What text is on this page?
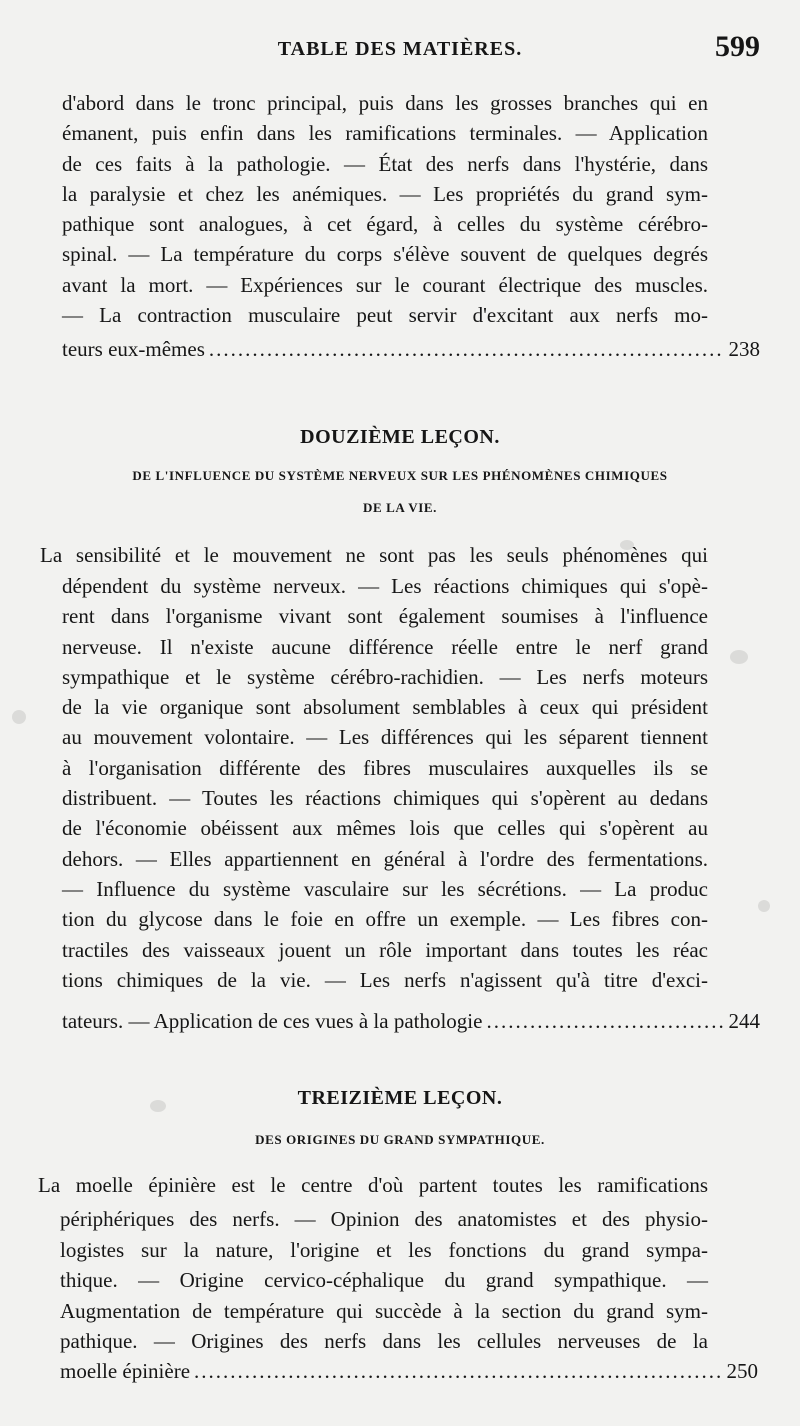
TABLE DES MATIÈRES.	599
d'abord dans le tronc principal, puis dans les grosses branches qui en
émanent, puis enfin dans les ramifications terminales. — Application
de ces faits à la pathologie. — État des nerfs dans l'hystérie, dans
la paralysie et chez les anémiques. — Les propriétés du grand sym-
pathique sont analogues, à cet égard, à celles du système cérébro-
spinal. — La température du corps s'élève souvent de quelques degrés
avant la mort. — Expériences sur le courant électrique des muscles.
— La contraction musculaire peut servir d'excitant aux nerfs mo-
teurs eux-mêmes .....	238
DOUZIÈME LEÇON.
DE L'INFLUENCE DU SYSTÈME NERVEUX SUR LES PHÉNOMÈNES CHIMIQUES
DE LA VIE.
La sensibilité et le mouvement ne sont pas les seuls phénomènes qui
dépendent du système nerveux. — Les réactions chimiques qui s'opè-
rent dans l'organisme vivant sont également soumises à l'influence
nerveuse. Il n'existe aucune différence réelle entre le nerf grand
sympathique et le système cérébro-rachidien. — Les nerfs moteurs
de la vie organique sont absolument semblables à ceux qui président
au mouvement volontaire. — Les différences qui les séparent tiennent
à l'organisation différente des fibres musculaires auxquelles ils se
distribuent. — Toutes les réactions chimiques qui s'opèrent au dedans
de l'économie obéissent aux mêmes lois que celles qui s'opèrent au
dehors. — Elles appartiennent en général à l'ordre des fermentations.
— Influence du système vasculaire sur les sécrétions. — La produc
tion du glycose dans le foie en offre un exemple. — Les fibres con-
tractiles des vaisseaux jouent un rôle important dans toutes les réac
tions chimiques de la vie. — Les nerfs n'agissent qu'à titre d'exci-
tateurs. — Application de ces vues à la pathologie .....	244
TREIZIÈME LEÇON.
DES ORIGINES DU GRAND SYMPATHIQUE.
La moelle épinière est le centre d'où partent toutes les ramifications
périphériques des nerfs. — Opinion des anatomistes et des physio-
logistes sur la nature, l'origine et les fonctions du grand sympa-
thique. — Origine cervico-céphalique du grand sympathique. —
Augmentation de température qui succède à la section du grand sym-
pathique. — Origines des nerfs dans les cellules nerveuses de la
moelle épinière .....	250
